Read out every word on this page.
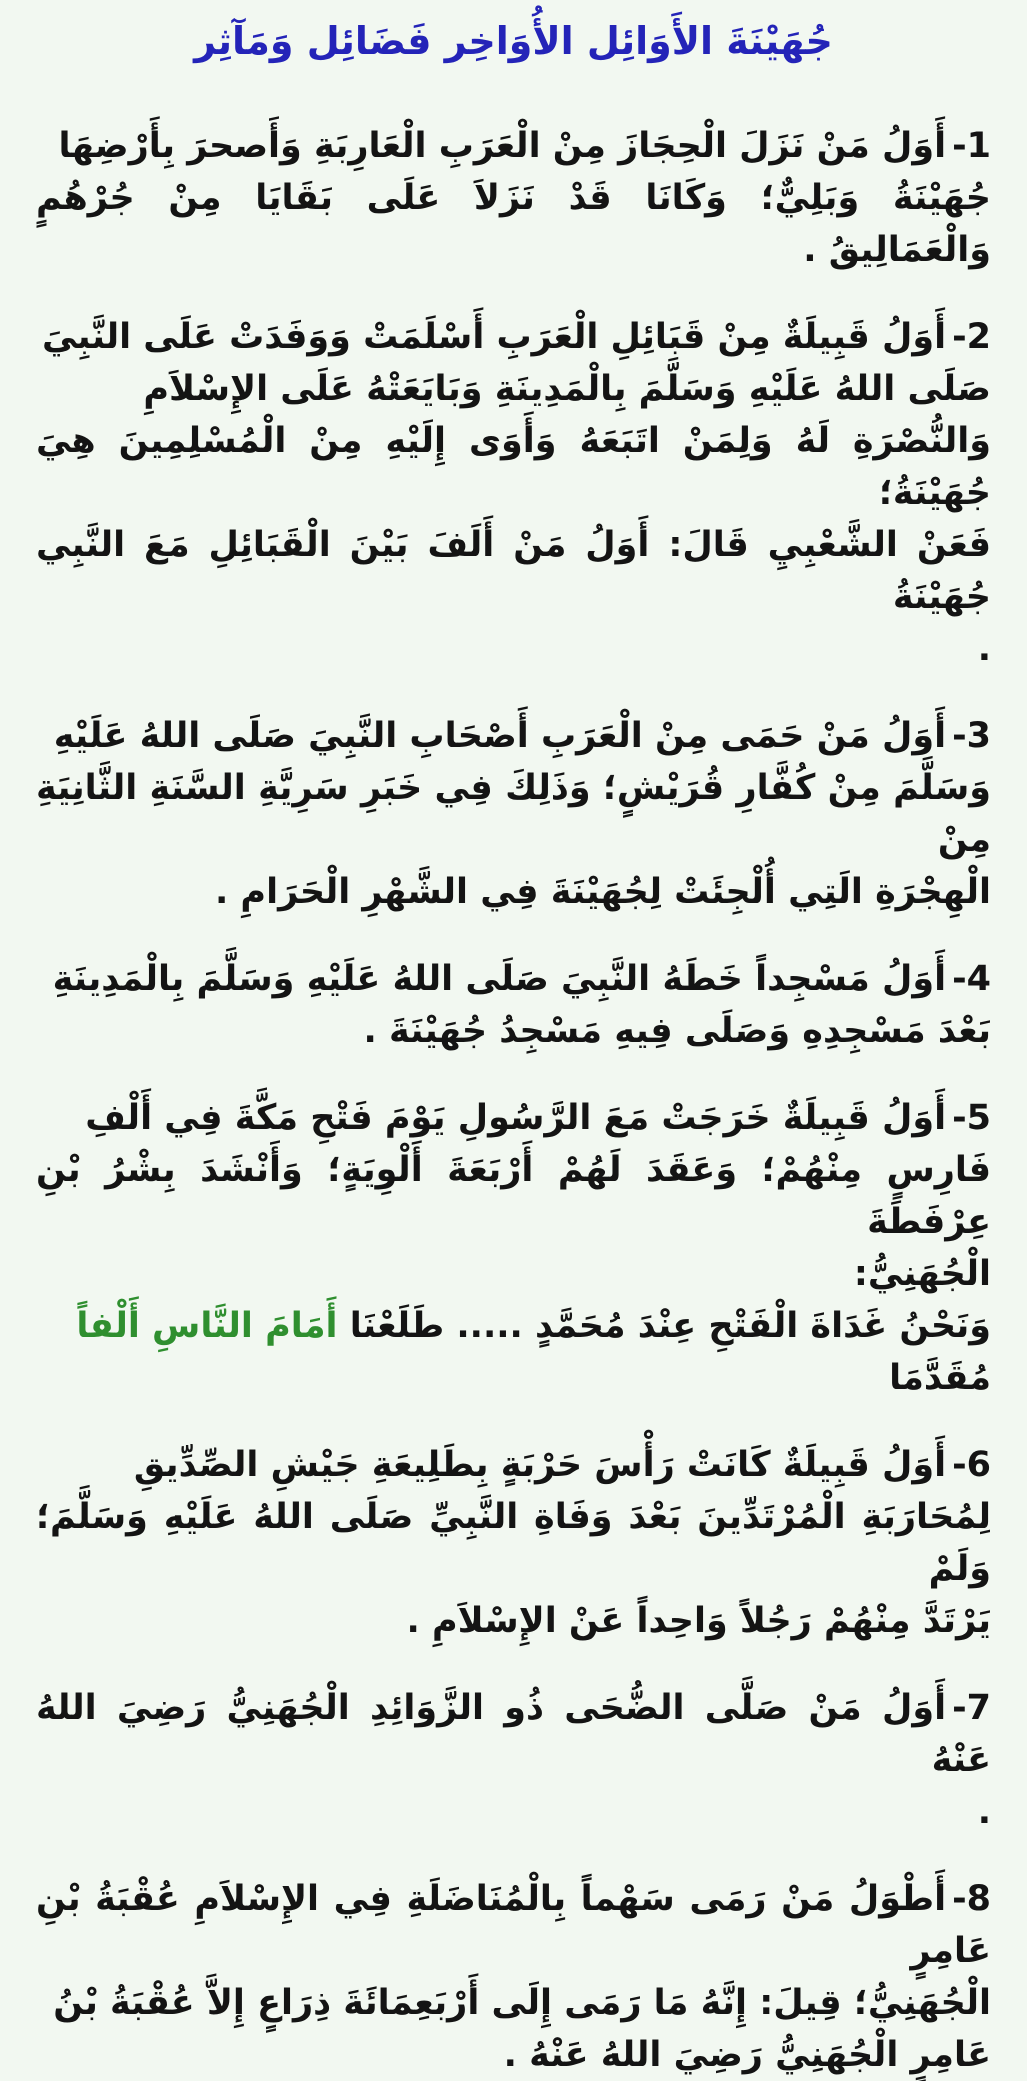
جُهَيْنَةَ الأَوَائِل الأُوَاخِر فَضَائِل وَمَآثِر
1-أَوَلُ مَنْ نَزَلَ الْحِجَازَ مِنْ الْعَرَبِ الْعَارِبَةِ وَأَصحرَ بِأَرْضِهَا
جُهَيْنَةُ وَبَلِيٌّ؛ وَكَانَا قَدْ نَزَلاَ عَلَى بَقَايَا مِنْ جُرْهُمٍ وَالْعَمَالِيقُ .
2-أَوَلُ قَبِيلَةٌ مِنْ قَبَائِلِ الْعَرَبِ أَسْلَمَتْ وَوَفَدَتْ عَلَى النَّبِيَ
صَلَى اللهُ عَلَيْهِ وَسَلَّمَ بِالْمَدِينَةِ وَبَايَعَتْهُ عَلَى الإِسْلاَمِ
وَالنُّصْرَةِ لَهُ وَلِمَنْ اتَبَعَهُ وَأَوَى إِلَيْهِ مِنْ الْمُسْلِمِينَ هِيَ جُهَيْنَةُ؛
فَعَنْ الشَّعْبِيِ قَالَ: أَوَلُ مَنْ أَلَفَ بَيْنَ الْقَبَائِلِ مَعَ النَّبِي جُهَيْنَةُ
.
3-أَوَلُ مَنْ حَمَى مِنْ الْعَرَبِ أَصْحَابِ النَّبِيَ صَلَى اللهُ عَلَيْهِ
وَسَلَّمَ مِنْ كُفَّارِ قُرَيْشٍ؛ وَذَلِكَ فِي خَبَرِ سَرِيَّةِ السَّنَةِ الثَّانِيَةِ مِنْ
الْهِجْرَةِ الَتِي أُلْجِئَتْ لِجُهَيْنَةَ فِي الشَّهْرِ الْحَرَامِ .
4-أَوَلُ مَسْجِداً خَطَهُ النَّبِيَ صَلَى اللهُ عَلَيْهِ وَسَلَّمَ بِالْمَدِينَةِ
بَعْدَ مَسْجِدِهِ وَصَلَى فِيهِ مَسْجِدُ جُهَيْنَةَ .
5-أَوَلُ قَبِيلَةٌ خَرَجَتْ مَعَ الرَّسُولِ يَوْمَ فَتْحِ مَكَّةَ فِي أَلْفِ
فَارِسٍ مِنْهُمْ؛ وَعَقَدَ لَهُمْ أَرْبَعَةَ أَلْوِيَةٍ؛ وَأَنْشَدَ بِشْرُ بْنِ عِرْفَطَةَ
الْجُهَنِيُّ:
وَنَحْنُ غَدَاةَ الْفَتْحِ عِنْدَ مُحَمَّدٍ ..... طَلَعْنَا أَمَامَ النَّاسِ أَلْفاً
مُقَدَّمَا
6-أَوَلُ قَبِيلَةٌ كَانَتْ رَأْسَ حَرْبَةٍ بِطَلِيعَةِ جَيْشِ الصِّدِّيقِ
لِمُحَارَبَةِ الْمُرْتَدِّينَ بَعْدَ وَفَاةِ النَّبِيِّ صَلَى اللهُ عَلَيْهِ وَسَلَّمَ؛ وَلَمْ
يَرْتَدَّ مِنْهُمْ رَجُلاً وَاحِداً عَنْ الإِسْلاَمِ .
7-أَوَلُ مَنْ صَلَّى الضُّحَى ذُو الزَّوَائِدِ الْجُهَنِيُّ رَضِيَ اللهُ عَنْهُ
.
8-أَطْوَلُ مَنْ رَمَى سَهْماً بِالْمُنَاضَلَةِ فِي الإِسْلاَمِ عُقْبَةُ بْنِ عَامِرٍ
الْجُهَنِيُّ؛ قِيلَ: إِنَّهُ مَا رَمَى إِلَى أَرْبَعِمَائَةَ ذِرَاعٍ إِلاَّ عُقْبَةُ بْنُ
عَامِرٍ الْجُهَنِيُّ رَضِيَ اللهُ عَنْهُ .
